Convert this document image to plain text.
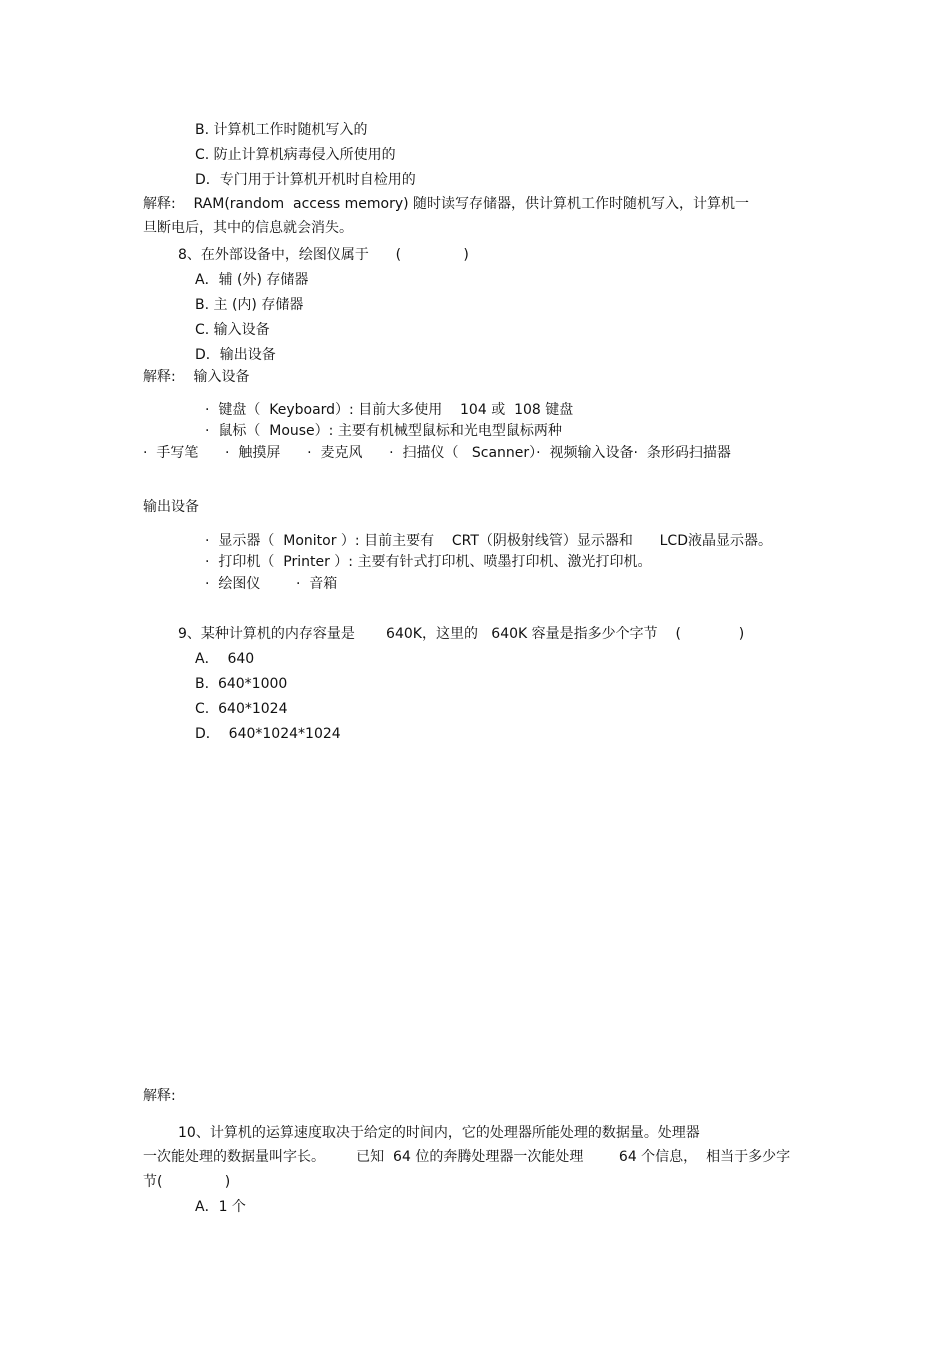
B. 计算机工作时随机写入的
C. 防止计算机病毒侵入所使用的
D．专门用于计算机开机时自检用的
解释:    RAM(random  access memory) 随时读写存储器，供计算机工作时随机写入，计算机一
旦断电后，其中的信息就会消失。
8、在外部设备中，绘图仪属于      (              )
A．辅 (外) 存储器
B. 主 (内) 存储器
C. 输入设备
D．输出设备
解释:    输入设备
·  键盘（  Keyboard）: 目前大多使用    104 或  108 键盘
·  鼠标（  Mouse）: 主要有机械型鼠标和光电型鼠标两种
·  手写笔      ·  触摸屏      ·  麦克风      ·  扫描仪（   Scanner）·  视频输入设备·  条形码扫描器
输出设备
·  显示器（  Monitor ）: 目前主要有    CRT（阴极射线管）显示器和      LCD液晶显示器。
·  打印机（  Printer ）: 主要有针式打印机、喷墨打印机、激光打印机。
·  绘图仪        ·  音箱
9、某种计算机的内存容量是       640K，这里的   640K 容量是指多少个字节    (             )
A．  640
B.  640*1000
C.  640*1024
D．  640*1024*1024
解释:
10、计算机的运算速度取决于给定的时间内，它的处理器所能处理的数据量。处理器
一次能处理的数据量叫字长。       已知  64 位的奔腾处理器一次能处理        64 个信息，  相当于多少字
节(              )
A．1 个
